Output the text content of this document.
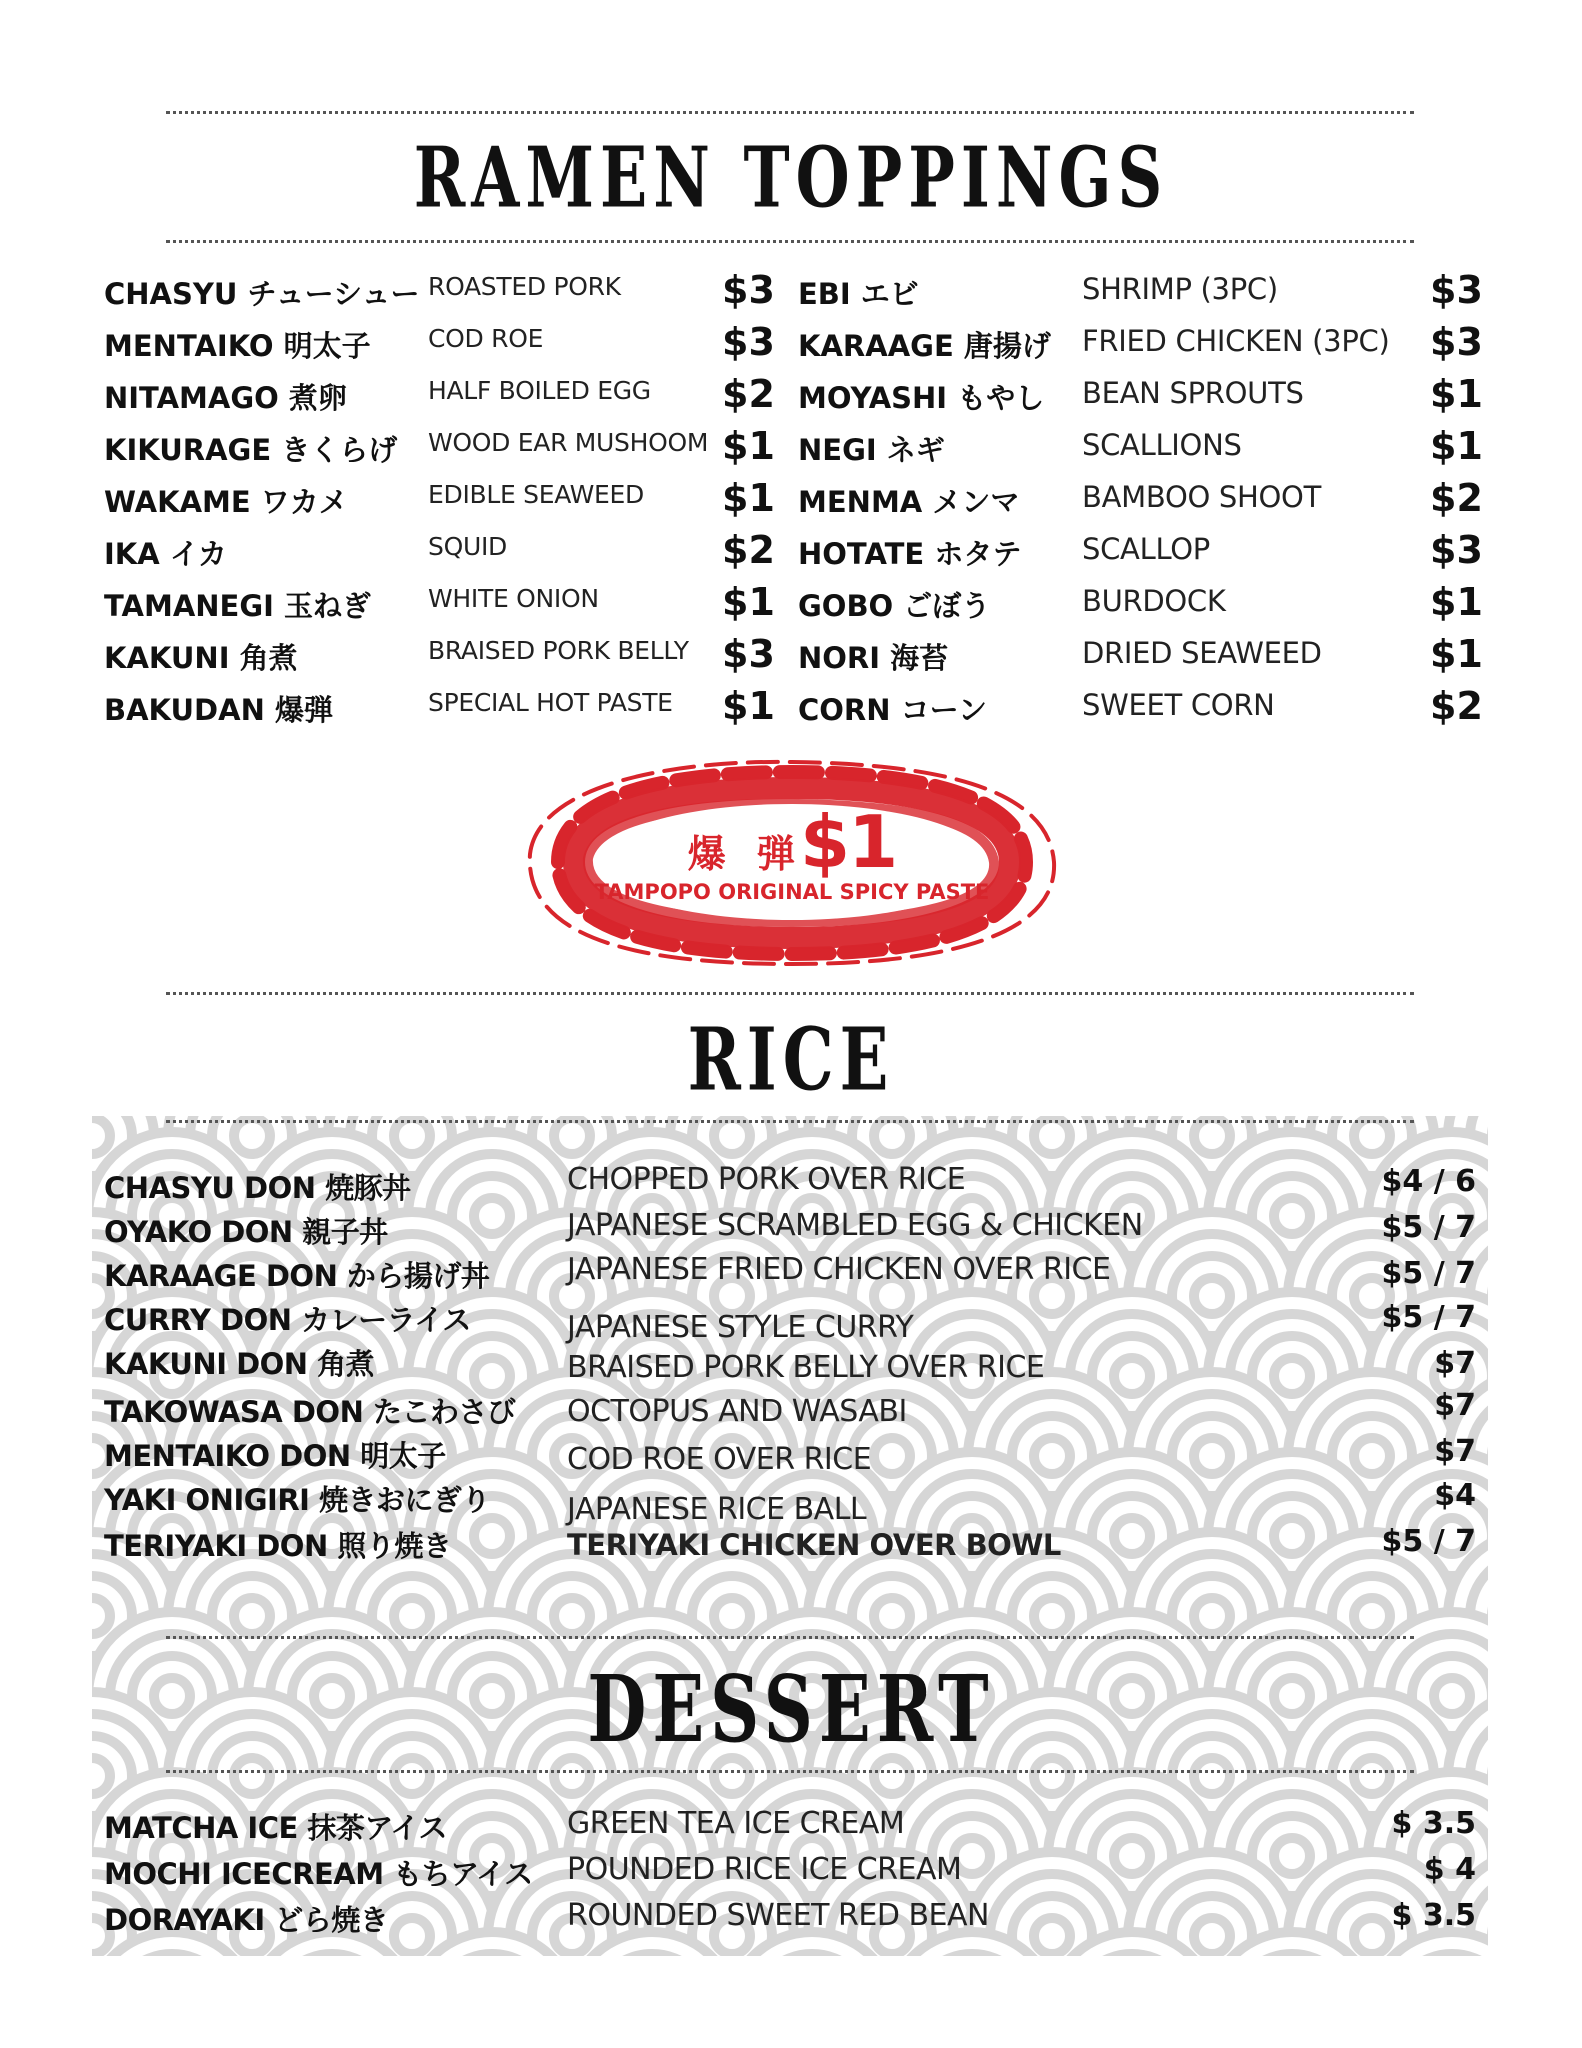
RAMEN TOPPINGS
CHASYU チューシュー ROASTED PORK	$3
MENTAIKO 明太子 COD ROE	$3
NITAMAGO 煮卵	HALF BOILED EGG $2
KIKURAGE きくらげ WOOD EAR MUSHOOM $1
WAKAME ワカメ	EDIBLE SEAWEED $1
IKA イカ	SQUID	$2
TAMANEGI 玉ねぎ WHITE ONION	$1
KAKUNI 角煮	BRAISED PORK BELLY $3
BAKUDAN 爆弾	SPECIAL HOT PASTE $1
EBI エビ	SHRIMP (3PC)	$3
KARAAGE 唐揚げ FRIED CHICKEN (3PC) $3
MOYASHI もやし BEAN SPROUTS	$1
NEGI ネギ	SCALLIONS	$1
MENMA メンマ BAMBOO SHOOT	$2
HOTATE ホタテ SCALLOP	$3
GOBO ごぼう	BURDOCK	$1
NORI 海苔	DRIED SEAWEED	$1
CORN コーン	SWEET CORN	$2
爆 弾 $1
TAMPOPO ORIGINAL SPICY PASTE
RICE
CHASYU DON 焼豚丼	CHOPPED PORK OVER RICE	$4 / 6
OYAKO DON 親子丼	JAPANESE SCRAMBLED EGG & CHICKEN	$5 / 7
KARAAGE DON から揚げ丼	JAPANESE FRIED CHICKEN OVER RICE	$5 / 7
CURRY DON カレーライス	JAPANESE STYLE CURRY	$5 / 7
KAKUNI DON 角煮	BRAISED PORK BELLY OVER RICE	$7
TAKOWASA DON たこわさび OCTOPUS AND WASABI	$7
MENTAIKO DON 明太子	COD ROE OVER RICE	$7
YAKI ONIGIRI 焼きおにぎり	JAPANESE RICE BALL	$4
TERIYAKI DON 照り焼き	TERIYAKI CHICKEN OVER BOWL	$5 / 7
DESSERT
MATCHA ICE 抹茶アイス	GREEN TEA ICE CREAM	$ 3.5
MOCHI ICECREAM もちアイス POUNDED RICE ICE CREAM	$ 4
DORAYAKI どら焼き	ROUNDED SWEET RED BEAN	$ 3.5
